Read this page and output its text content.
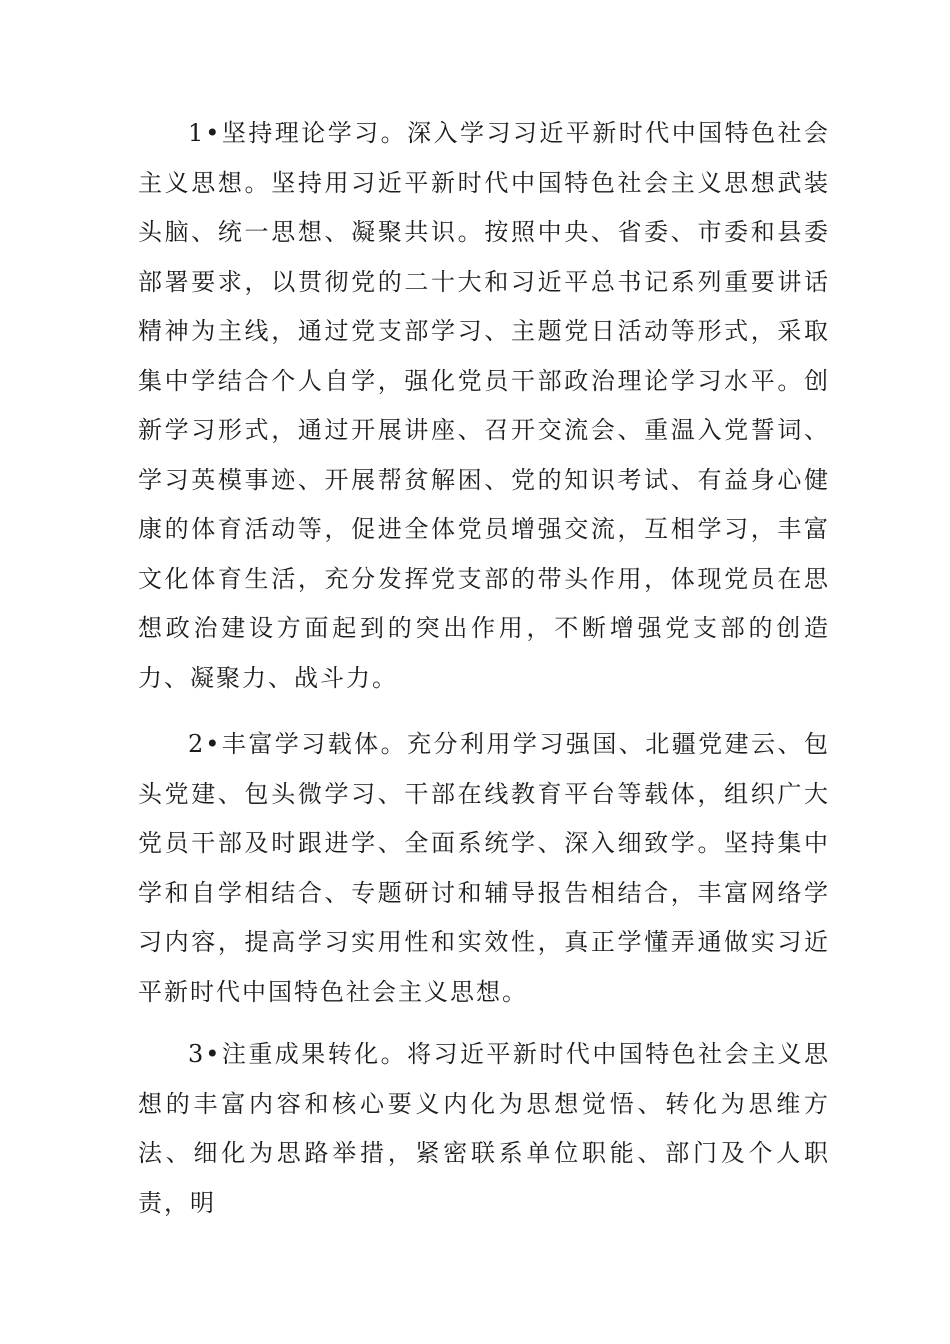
1•坚持理论学习。深入学习习近平新时代中国特色社会主义思想。坚持用习近平新时代中国特色社会主义思想武装头脑、统一思想、凝聚共识。按照中央、省委、市委和县委部署要求，以贯彻党的二十大和习近平总书记系列重要讲话精神为主线，通过党支部学习、主题党日活动等形式，采取集中学结合个人自学，强化党员干部政治理论学习水平。创新学习形式，通过开展讲座、召开交流会、重温入党誓词、学习英模事迹、开展帮贫解困、党的知识考试、有益身心健康的体育活动等，促进全体党员增强交流，互相学习，丰富文化体育生活，充分发挥党支部的带头作用，体现党员在思想政治建设方面起到的突出作用，不断增强党支部的创造力、凝聚力、战斗力。

2•丰富学习载体。充分利用学习强国、北疆党建云、包头党建、包头微学习、干部在线教育平台等载体，组织广大党员干部及时跟进学、全面系统学、深入细致学。坚持集中学和自学相结合、专题研讨和辅导报告相结合，丰富网络学习内容，提高学习实用性和实效性，真正学懂弄通做实习近平新时代中国特色社会主义思想。

3•注重成果转化。将习近平新时代中国特色社会主义思想的丰富内容和核心要义内化为思想觉悟、转化为思维方法、细化为思路举措，紧密联系单位职能、部门及个人职责，明
